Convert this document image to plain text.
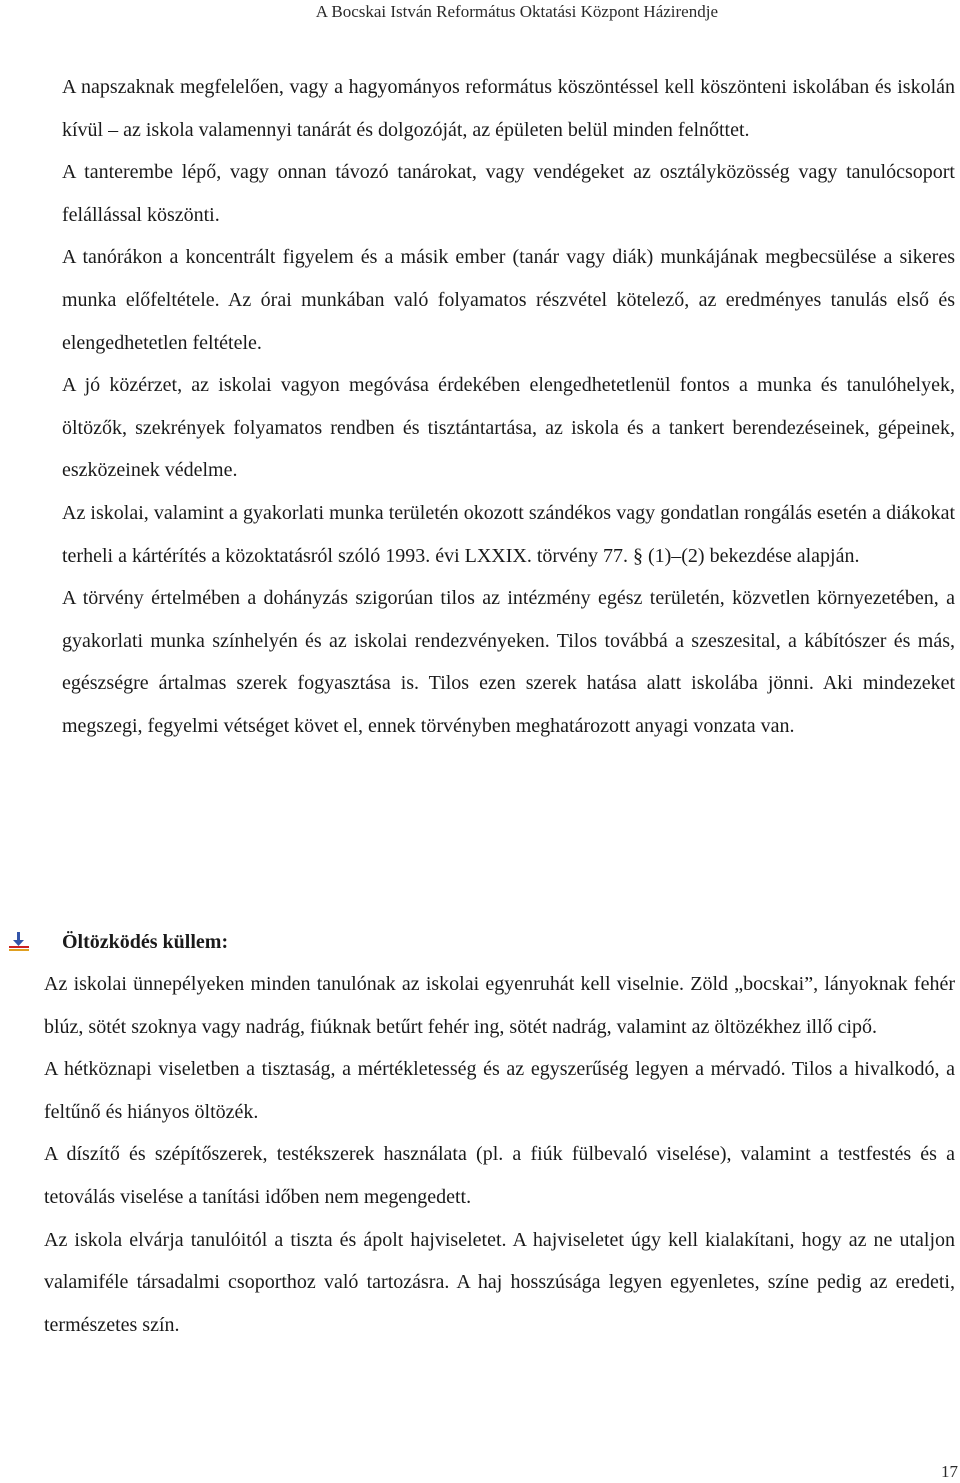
A Bocskai István Református Oktatási Központ Házirendje

A napszaknak megfelelően, vagy a hagyományos református köszöntéssel kell köszönteni iskolában és iskolán kívül – az iskola valamennyi tanárát és dolgozóját, az épületen belül minden felnőttet.

A tanterembe lépő, vagy onnan távozó tanárokat, vagy vendégeket az osztályközösség vagy tanulócsoport felállással köszönti.

A tanórákon a koncentrált figyelem és a másik ember (tanár vagy diák) munkájának megbecsülése a sikeres munka előfeltétele. Az órai munkában való folyamatos részvétel kötelező, az eredményes tanulás első és elengedhetetlen feltétele.

A jó közérzet, az iskolai vagyon megóvása érdekében elengedhetetlenül fontos a munka és tanulóhelyek, öltözők, szekrények folyamatos rendben és tisztántartása, az iskola és a tankert berendezéseinek, gépeinek, eszközeinek védelme.

Az iskolai, valamint a gyakorlati munka területén okozott szándékos vagy gondatlan rongálás esetén a diákokat terheli a kártérítés a közoktatásról szóló 1993. évi LXXIX. törvény 77. § (1)–(2) bekezdése alapján.

A törvény értelmében a dohányzás szigorúan tilos az intézmény egész területén, közvetlen környezetében, a gyakorlati munka színhelyén és az iskolai rendezvényeken. Tilos továbbá a szeszesital, a kábítószer és más, egészségre ártalmas szerek fogyasztása is. Tilos ezen szerek hatása alatt iskolába jönni. Aki mindezeket megszegi, fegyelmi vétséget követ el, ennek törvényben meghatározott anyagi vonzata van.

Öltözködés küllem:

Az iskolai ünnepélyeken minden tanulónak az iskolai egyenruhát kell viselnie. Zöld „bocskai”, lányoknak fehér blúz, sötét szoknya vagy nadrág, fiúknak betűrt fehér ing, sötét nadrág, valamint az öltözékhez illő cipő.

A hétköznapi viseletben a tisztaság, a mértékletesség és az egyszerűség legyen a mérvadó. Tilos a hivalkodó, a feltűnő és hiányos öltözék.

A díszítő és szépítőszerek, testékszerek használata (pl. a fiúk fülbevaló viselése), valamint a testfestés és a tetoválás viselése a tanítási időben nem megengedett.

Az iskola elvárja tanulóitól a tiszta és ápolt hajviseletet. A hajviseletet úgy kell kialakítani, hogy az ne utaljon valamiféle társadalmi csoporthoz való tartozásra. A haj hosszúsága legyen egyenletes, színe pedig az eredeti, természetes szín.

17
